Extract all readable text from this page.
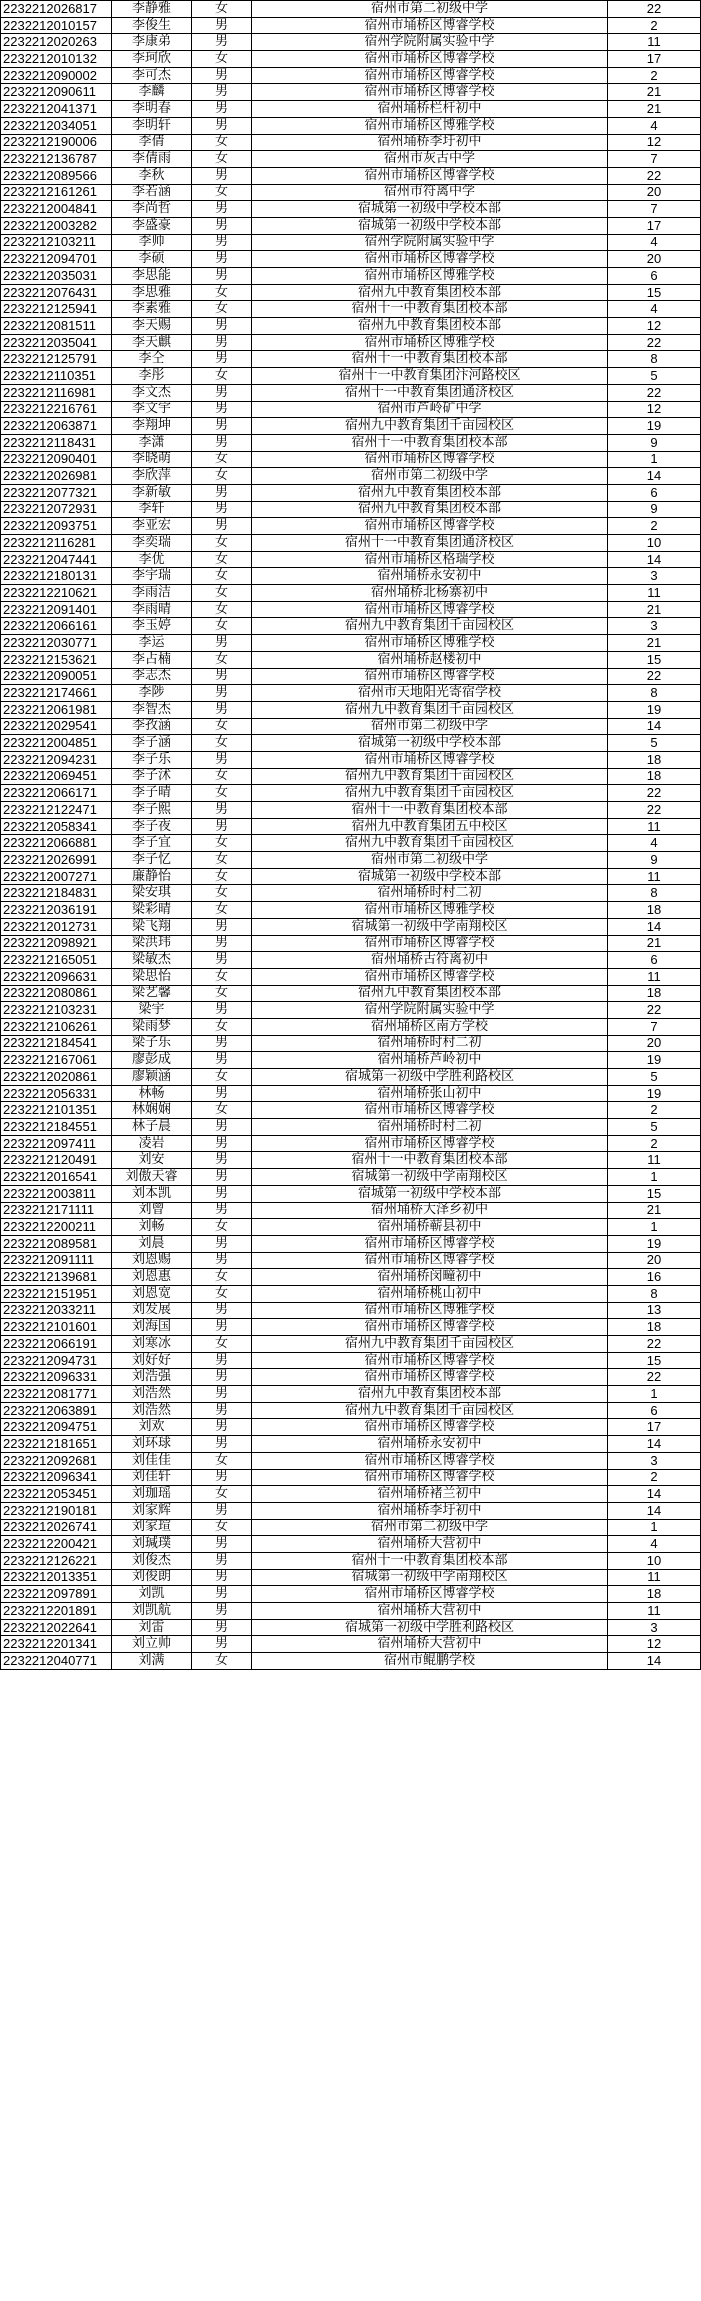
2232212026817	李静雅	女	宿州市第二初级中学	22
2232212010157	李俊生	男	宿州市埇桥区博睿学校	2
2232212020263	李康弟	男	宿州学院附属实验中学	11
2232212010132	李珂欣	女	宿州市埇桥区博睿学校	17
2232212090002	李可杰	男	宿州市埇桥区博睿学校	2
2232212090611	李麟	男	宿州市埇桥区博睿学校	21
2232212041371	李明春	男	宿州埇桥栏杆初中	21
2232212034051	李明轩	男	宿州市埇桥区博雅学校	4
2232212190006	李倩	女	宿州埇桥李圩初中	12
2232212136787	李倩雨	女	宿州市灰古中学	7
2232212089566	李秋	男	宿州市埇桥区博睿学校	22
2232212161261	李若涵	女	宿州市符离中学	20
2232212004841	李尚哲	男	宿城第一初级中学校本部	7
2232212003282	李盛豪	男	宿城第一初级中学校本部	17
2232212103211	李帅	男	宿州学院附属实验中学	4
2232212094701	李硕	男	宿州市埇桥区博睿学校	20
2232212035031	李思能	男	宿州市埇桥区博雅学校	6
2232212076431	李思雅	女	宿州九中教育集团校本部	15
2232212125941	李素雅	女	宿州十一中教育集团校本部	4
2232212081511	李天赐	男	宿州九中教育集团校本部	12
2232212035041	李天麒	男	宿州市埇桥区博雅学校	22
2232212125791	李仝	男	宿州十一中教育集团校本部	8
2232212110351	李彤	女	宿州十一中教育集团汴河路校区	5
2232212116981	李文杰	男	宿州十一中教育集团通济校区	22
2232212216761	李文宇	男	宿州市芦岭矿中学	12
2232212063871	李翔坤	男	宿州九中教育集团千亩园校区	19
2232212118431	李潇	男	宿州十一中教育集团校本部	9
2232212090401	李晓萌	女	宿州市埇桥区博睿学校	1
2232212026981	李欣萍	女	宿州市第二初级中学	14
2232212077321	李新敏	男	宿州九中教育集团校本部	6
2232212072931	李轩	男	宿州九中教育集团校本部	9
2232212093751	李亚宏	男	宿州市埇桥区博睿学校	2
2232212116281	李奕瑞	女	宿州十一中教育集团通济校区	10
2232212047441	李优	女	宿州市埇桥区格瑞学校	14
2232212180131	李宇瑞	女	宿州埇桥永安初中	3
2232212210621	李雨洁	女	宿州埇桥北杨寨初中	11
2232212091401	李雨晴	女	宿州市埇桥区博睿学校	21
2232212066161	李玉婷	女	宿州九中教育集团千亩园校区	3
2232212030771	李运	男	宿州市埇桥区博雅学校	21
2232212153621	李占楠	女	宿州埇桥赵楼初中	15
2232212090051	李志杰	男	宿州市埇桥区博睿学校	22
2232212174661	李陟	男	宿州市天地阳光寄宿学校	8
2232212061981	李智杰	男	宿州九中教育集团千亩园校区	19
2232212029541	李孜涵	女	宿州市第二初级中学	14
2232212004851	李子涵	女	宿城第一初级中学校本部	5
2232212094231	李子乐	男	宿州市埇桥区博睿学校	18
2232212069451	李子沭	女	宿州九中教育集团千亩园校区	18
2232212066171	李子晴	女	宿州九中教育集团千亩园校区	22
2232212122471	李子熙	男	宿州十一中教育集团校本部	22
2232212058341	李子夜	男	宿州九中教育集团五中校区	11
2232212066881	李子宜	女	宿州九中教育集团千亩园校区	4
2232212026991	李子忆	女	宿州市第二初级中学	9
2232212007271	廉静怡	女	宿城第一初级中学校本部	11
2232212184831	梁安琪	女	宿州埇桥时村二初	8
2232212036191	梁彩晴	女	宿州市埇桥区博雅学校	18
2232212012731	梁飞翔	男	宿城第一初级中学南翔校区	14
2232212098921	梁洪玮	男	宿州市埇桥区博睿学校	21
2232212165051	梁敏杰	男	宿州埇桥古符离初中	6
2232212096631	梁思怡	女	宿州市埇桥区博睿学校	11
2232212080861	梁艺馨	女	宿州九中教育集团校本部	18
2232212103231	梁宇	男	宿州学院附属实验中学	22
2232212106261	梁雨梦	女	宿州埇桥区南方学校	7
2232212184541	梁子乐	男	宿州埇桥时村二初	20
2232212167061	廖彭成	男	宿州埇桥芦岭初中	19
2232212020861	廖颖涵	女	宿城第一初级中学胜利路校区	5
2232212056331	林畅	男	宿州埇桥张山初中	19
2232212101351	林娴娴	女	宿州市埇桥区博睿学校	2
2232212184551	林子晨	男	宿州埇桥时村二初	5
2232212097411	凌岩	男	宿州市埇桥区博睿学校	2
2232212120491	刘安	男	宿州十一中教育集团校本部	11
2232212016541	刘傲天睿	男	宿城第一初级中学南翔校区	1
2232212003811	刘本凯	男	宿城第一初级中学校本部	15
2232212171111	刘曾	男	宿州埇桥大泽乡初中	21
2232212200211	刘畅	女	宿州埇桥蕲县初中	1
2232212089581	刘晨	男	宿州市埇桥区博睿学校	19
2232212091111	刘恩赐	男	宿州市埇桥区博睿学校	20
2232212139681	刘恩惠	女	宿州埇桥闵疃初中	16
2232212151951	刘恩宽	女	宿州埇桥桃山初中	8
2232212033211	刘发展	男	宿州市埇桥区博雅学校	13
2232212101601	刘海国	男	宿州市埇桥区博睿学校	18
2232212066191	刘寒冰	女	宿州九中教育集团千亩园校区	22
2232212094731	刘好好	男	宿州市埇桥区博睿学校	15
2232212096331	刘浩强	男	宿州市埇桥区博睿学校	22
2232212081771	刘浩然	男	宿州九中教育集团校本部	1
2232212063891	刘浩然	男	宿州九中教育集团千亩园校区	6
2232212094751	刘欢	男	宿州市埇桥区博睿学校	17
2232212181651	刘环球	男	宿州埇桥永安初中	14
2232212092681	刘佳佳	女	宿州市埇桥区博睿学校	3
2232212096341	刘佳轩	男	宿州市埇桥区博睿学校	2
2232212053451	刘珈瑶	女	宿州埇桥褚兰初中	14
2232212190181	刘家辉	男	宿州埇桥李圩初中	14
2232212026741	刘家瑄	女	宿州市第二初级中学	1
2232212200421	刘瑊璞	男	宿州埇桥大营初中	4
2232212126221	刘俊杰	男	宿州十一中教育集团校本部	10
2232212013351	刘俊朗	男	宿城第一初级中学南翔校区	11
2232212097891	刘凯	男	宿州市埇桥区博睿学校	18
2232212201891	刘凯航	男	宿州埇桥大营初中	11
2232212022641	刘雷	男	宿城第一初级中学胜利路校区	3
2232212201341	刘立帅	男	宿州埇桥大营初中	12
2232212040771	刘满	女	宿州市鲲鹏学校	14
